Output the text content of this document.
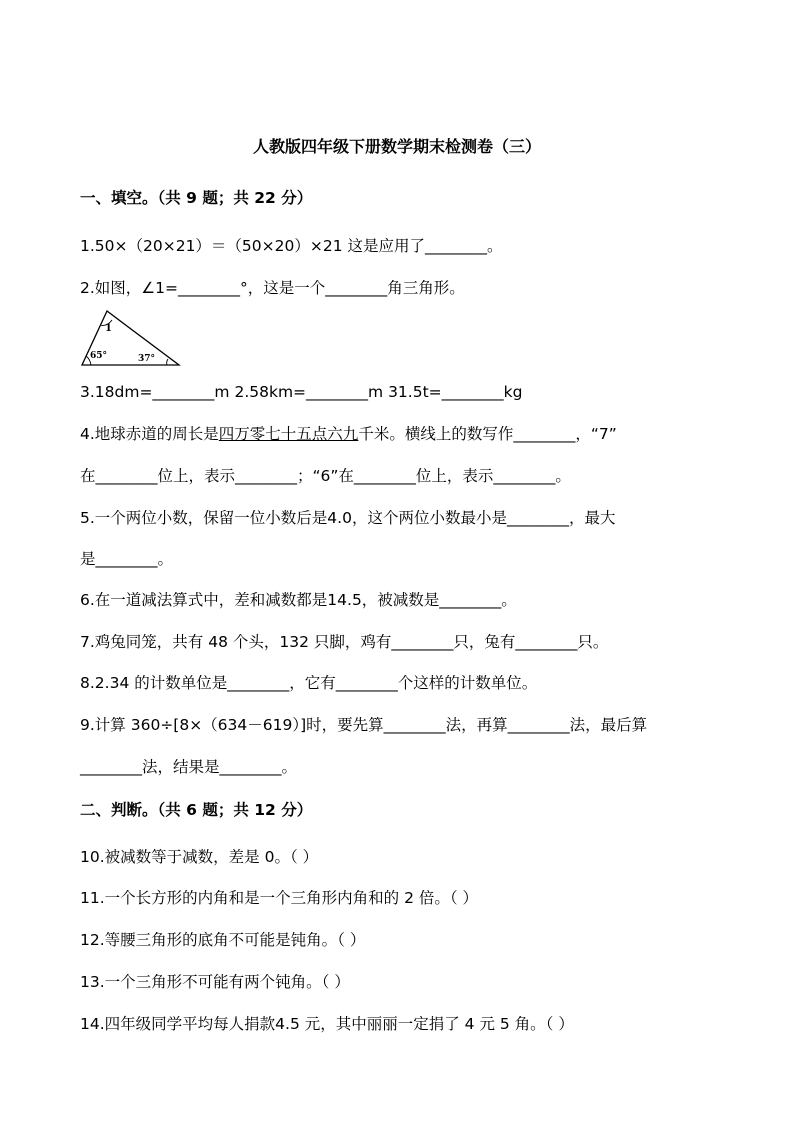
人教版四年级下册数学期末检测卷（三）
一、填空。（共 9 题；共 22 分）
1.50×（20×21）＝（50×20）×21 这是应用了________。
2.如图，∠1=________°，这是一个________角三角形。
1
65°	37°
3.18dm=________m 2.58km=________m 31.5t=________kg
4.地球赤道的周长是四万零七十五点六九千米。横线上的数写作________，“7”
在________位上，表示________；“6”在________位上，表示________。
5.一个两位小数，保留一位小数后是4.0，这个两位小数最小是________，最大
是________。
6.在一道减法算式中，差和减数都是14.5，被减数是________。
7.鸡兔同笼，共有 48 个头，132 只脚，鸡有________只，兔有________只。
8.2.34 的计数单位是________，它有________个这样的计数单位。
9.计算 360÷[8×（634－619）]时，要先算________法，再算________法，最后算
________法，结果是________。
二、判断。（共 6 题；共 12 分）
10.被减数等于减数，差是 0。（ ）
11.一个长方形的内角和是一个三角形内角和的 2 倍。（ ）
12.等腰三角形的底角不可能是钝角。（ ）
13.一个三角形不可能有两个钝角。（ ）
14.四年级同学平均每人捐款4.5 元，其中丽丽一定捐了 4 元 5 角。（ ）
